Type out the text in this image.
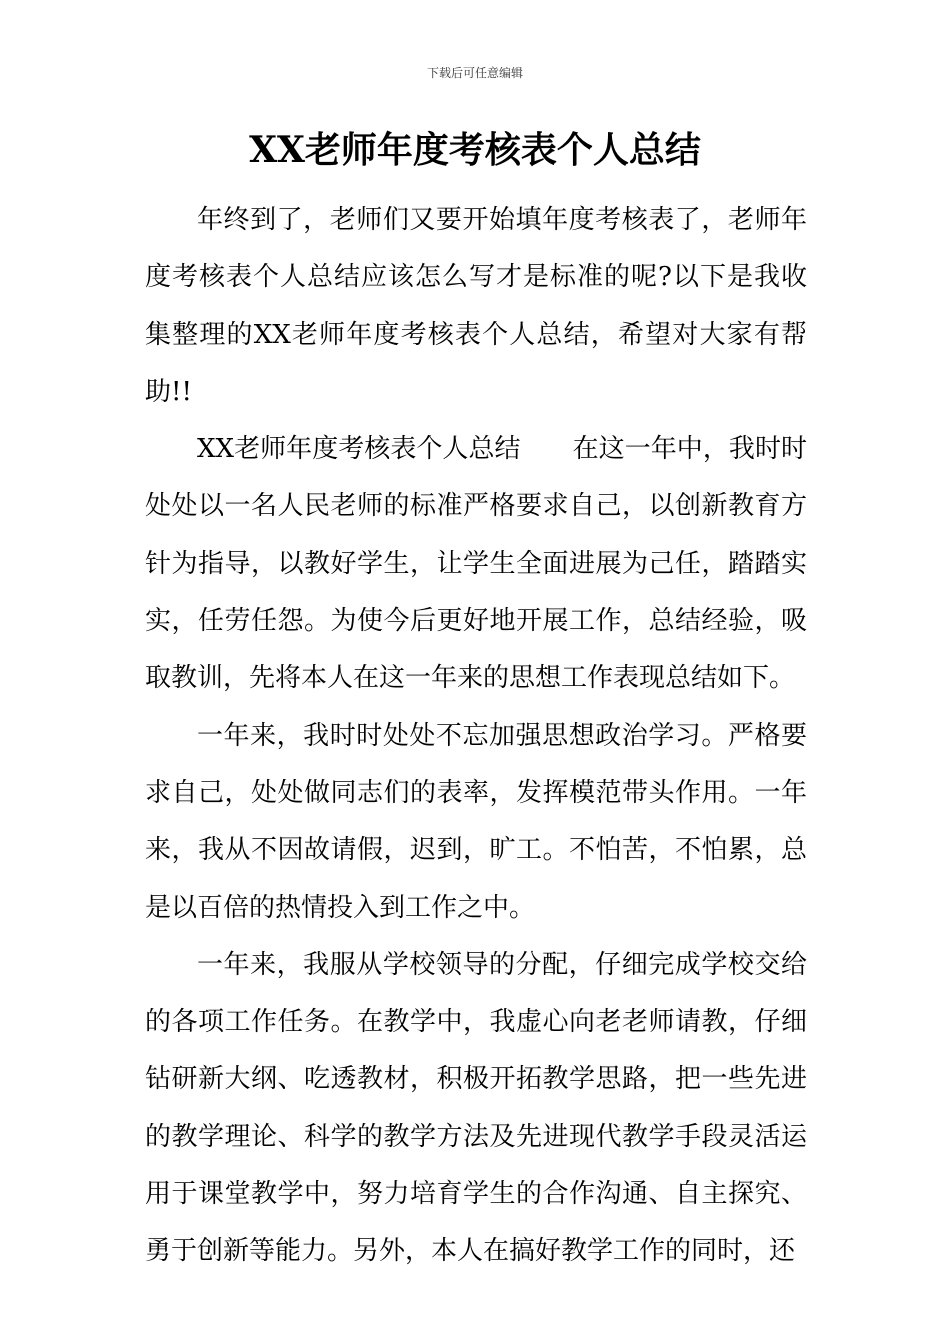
下载后可任意编辑
XX老师年度考核表个人总结

年终到了，老师们又要开始填年度考核表了，老师年度考核表个人总结应该怎么写才是标准的呢?以下是我收集整理的XX老师年度考核表个人总结，希望对大家有帮助!!

XX老师年度考核表个人总结　　在这一年中，我时时处处以一名人民老师的标准严格要求自己，以创新教育方针为指导，以教好学生，让学生全面进展为己任，踏踏实实，任劳任怨。为使今后更好地开展工作，总结经验，吸取教训，先将本人在这一年来的思想工作表现总结如下。

一年来，我时时处处不忘加强思想政治学习。严格要求自己，处处做同志们的表率，发挥模范带头作用。一年来，我从不因故请假，迟到，旷工。不怕苦，不怕累，总是以百倍的热情投入到工作之中。

一年来，我服从学校领导的分配，仔细完成学校交给的各项工作任务。在教学中，我虚心向老老师请教，仔细钻研新大纲、吃透教材，积极开拓教学思路，把一些先进的教学理论、科学的教学方法及先进现代教学手段灵活运用于课堂教学中，努力培育学生的合作沟通、自主探究、勇于创新等能力。另外，本人在搞好教学工作的同时，还
